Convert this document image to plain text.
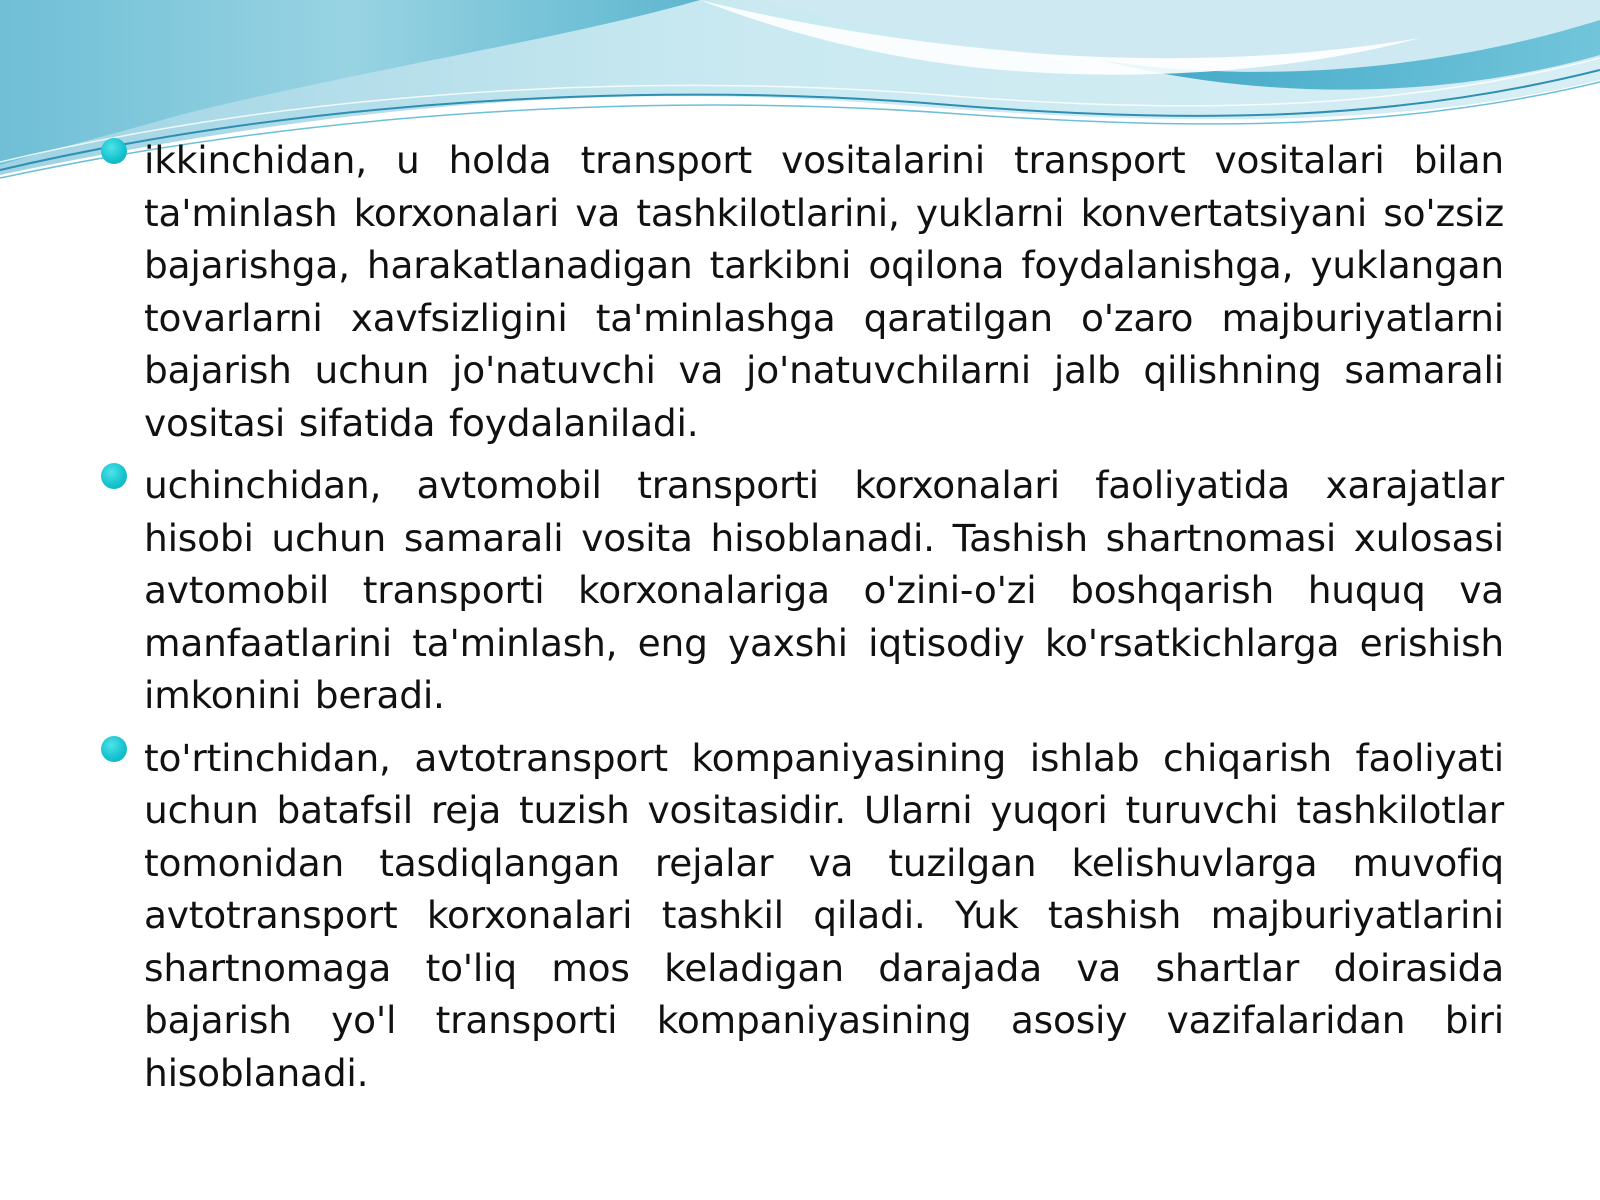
ikkinchidan, u holda transport vositalarini transport vositalari bilan ta'minlash korxonalari va tashkilotlarini, yuklarni konvertatsiyani so'zsiz bajarishga, harakatlanadigan tarkibni oqilona foydalanishga, yuklangan tovarlarni xavfsizligini ta'minlashga qaratilgan o'zaro majburiyatlarni bajarish uchun jo'natuvchi va jo'natuvchilarni jalb qilishning samarali vositasi sifatida foydalaniladi.

uchinchidan, avtomobil transporti korxonalari faoliyatida xarajatlar hisobi uchun samarali vosita hisoblanadi. Tashish shartnomasi xulosasi avtomobil transporti korxonalariga o'zini-o'zi boshqarish huquq va manfaatlarini ta'minlash, eng yaxshi iqtisodiy ko'rsatkichlarga erishish imkonini beradi.

to'rtinchidan, avtotransport kompaniyasining ishlab chiqarish faoliyati uchun batafsil reja tuzish vositasidir. Ularni yuqori turuvchi tashkilotlar tomonidan tasdiqlangan rejalar va tuzilgan kelishuvlarga muvofiq avtotransport korxonalari tashkil qiladi. Yuk tashish majburiyatlarini shartnomaga to'liq mos keladigan darajada va shartlar doirasida bajarish yo'l transporti kompaniyasining asosiy vazifalaridan biri hisoblanadi.
